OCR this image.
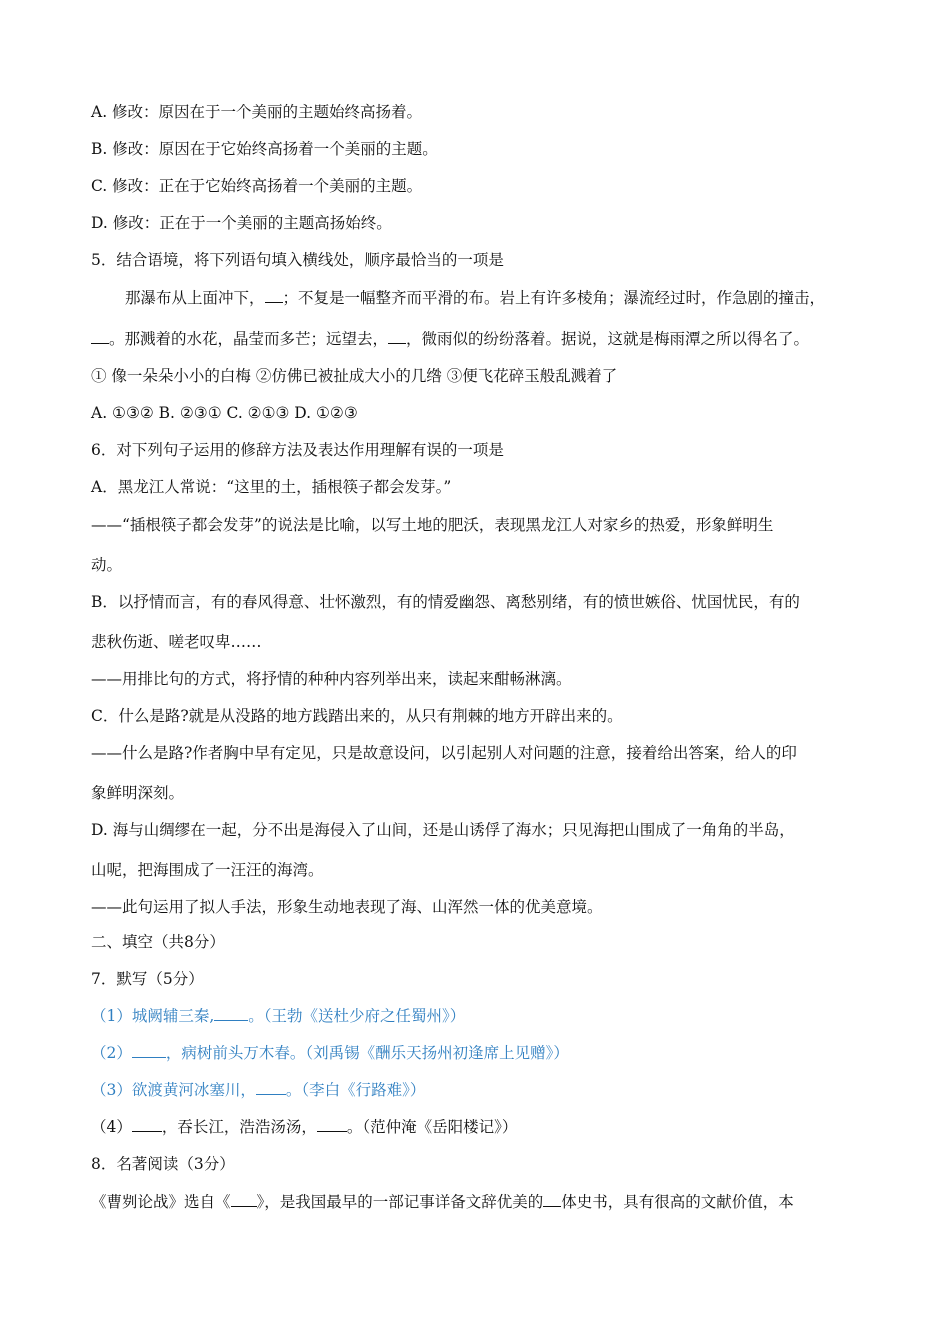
A. 修改：原因在于一个美丽的主题始终高扬着。
B. 修改：原因在于它始终高扬着一个美丽的主题。
C. 修改：正在于它始终高扬着一个美丽的主题。
D. 修改：正在于一个美丽的主题高扬始终。
5．结合语境，将下列语句填入横线处，顺序最恰当的一项是
那瀑布从上面冲下， ；不复是一幅整齐而平滑的布。岩上有许多棱角；瀑流经过时，作急剧的撞击，
。那溅着的水花，晶莹而多芒；远望去， ，微雨似的纷纷落着。据说，这就是梅雨潭之所以得名了。
① 像一朵朵小小的白梅 ②仿佛已被扯成大小的几绺 ③便飞花碎玉般乱溅着了
A. ①③② B. ②③① C. ②①③ D. ①②③
6．对下列句子运用的修辞方法及表达作用理解有误的一项是
A．黑龙江人常说：“这里的土，插根筷子都会发芽。”
——“插根筷子都会发芽”的说法是比喻，以写土地的肥沃，表现黑龙江人对家乡的热爱，形象鲜明生
动。
B．以抒情而言，有的春风得意、壮怀激烈，有的情爱幽怨、离愁别绪，有的愤世嫉俗、忧国忧民，有的
悲秋伤逝、嗟老叹卑……
——用排比句的方式，将抒情的种种内容列举出来，读起来酣畅淋漓。
C．什么是路?就是从没路的地方践踏出来的，从只有荆棘的地方开辟出来的。
——什么是路?作者胸中早有定见，只是故意设问，以引起别人对问题的注意，接着给出答案，给人的印
象鲜明深刻。
D. 海与山绸缪在一起，分不出是海侵入了山间，还是山诱俘了海水；只见海把山围成了一角角的半岛，
山呢，把海围成了一汪汪的海湾。
——此句运用了拟人手法，形象生动地表现了海、山浑然一体的优美意境。
二、填空（共8分）
7．默写（5分）
（1）城阙辅三秦, 。（王勃《送杜少府之任蜀州》）
（2） ，病树前头万木春。（刘禹锡《酬乐天扬州初逢席上见赠》）
（3）欲渡黄河冰塞川， 。（李白《行路难》）
（4） ，吞长江，浩浩汤汤， 。（范仲淹《岳阳楼记》）
8．名著阅读（3分）
《曹刿论战》选自《 》，是我国最早的一部记事详备文辞优美的 体史书，具有很高的文献价值，本
